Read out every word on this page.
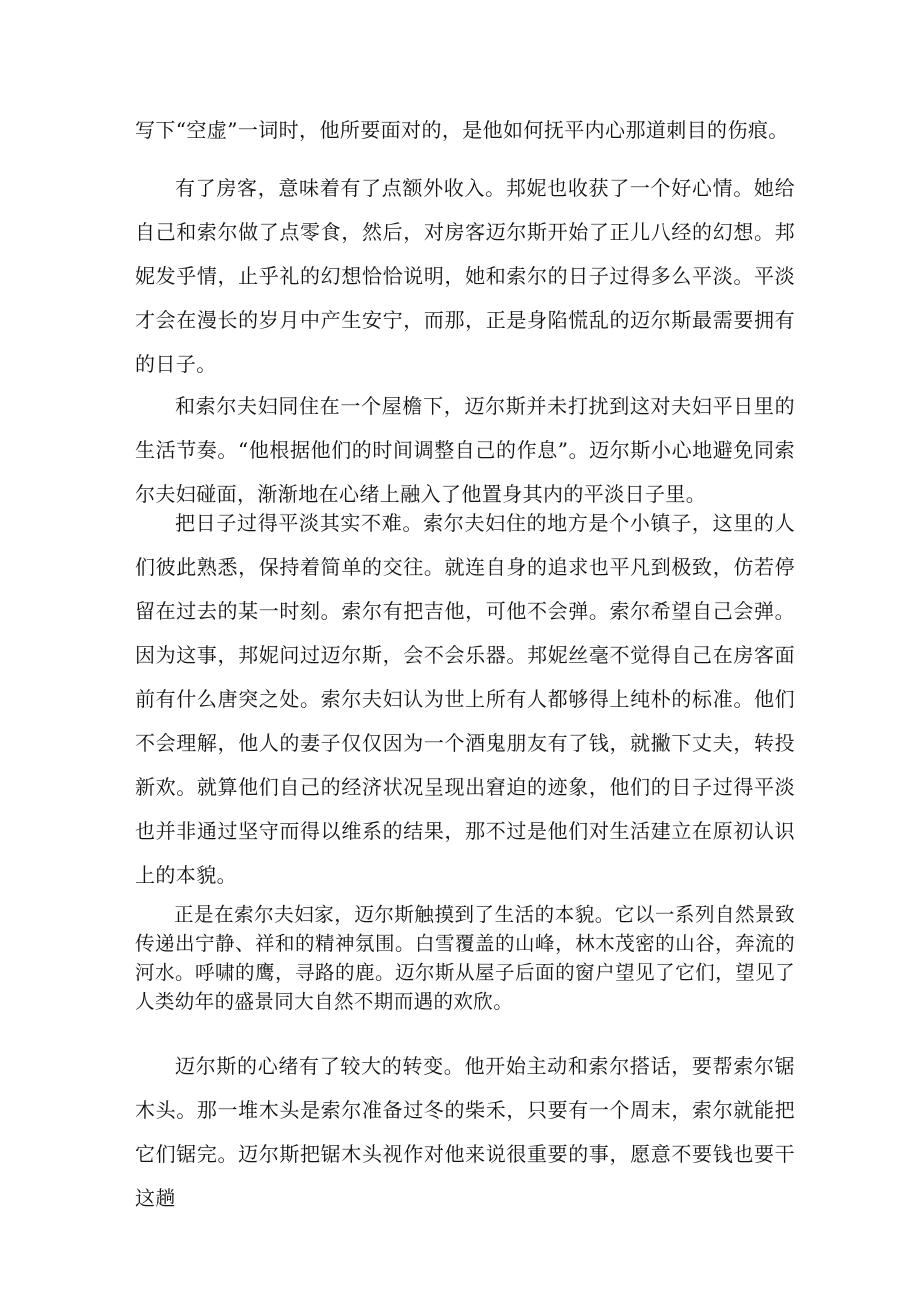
写下“空虚”一词时，他所要面对的，是他如何抚平内心那道刺目的伤痕。

有了房客，意味着有了点额外收入。邦妮也收获了一个好心情。她给自己和索尔做了点零食，然后，对房客迈尔斯开始了正儿八经的幻想。邦妮发乎情，止乎礼的幻想恰恰说明，她和索尔的日子过得多么平淡。平淡才会在漫长的岁月中产生安宁，而那，正是身陷慌乱的迈尔斯最需要拥有的日子。

和索尔夫妇同住在一个屋檐下，迈尔斯并未打扰到这对夫妇平日里的生活节奏。“他根据他们的时间调整自己的作息”。迈尔斯小心地避免同索尔夫妇碰面，渐渐地在心绪上融入了他置身其内的平淡日子里。

把日子过得平淡其实不难。索尔夫妇住的地方是个小镇子，这里的人们彼此熟悉，保持着简单的交往。就连自身的追求也平凡到极致，仿若停留在过去的某一时刻。索尔有把吉他，可他不会弹。索尔希望自己会弹。因为这事，邦妮问过迈尔斯，会不会乐器。邦妮丝毫不觉得自己在房客面前有什么唐突之处。索尔夫妇认为世上所有人都够得上纯朴的标准。他们不会理解，他人的妻子仅仅因为一个酒鬼朋友有了钱，就撇下丈夫，转投新欢。就算他们自己的经济状况呈现出窘迫的迹象，他们的日子过得平淡也并非通过坚守而得以维系的结果，那不过是他们对生活建立在原初认识上的本貌。

正是在索尔夫妇家，迈尔斯触摸到了生活的本貌。它以一系列自然景致传递出宁静、祥和的精神氛围。白雪覆盖的山峰，林木茂密的山谷，奔流的河水。呼啸的鹰，寻路的鹿。迈尔斯从屋子后面的窗户望见了它们，望见了人类幼年的盛景同大自然不期而遇的欢欣。

迈尔斯的心绪有了较大的转变。他开始主动和索尔搭话，要帮索尔锯木头。那一堆木头是索尔准备过冬的柴禾，只要有一个周末，索尔就能把它们锯完。迈尔斯把锯木头视作对他来说很重要的事，愿意不要钱也要干这趟
